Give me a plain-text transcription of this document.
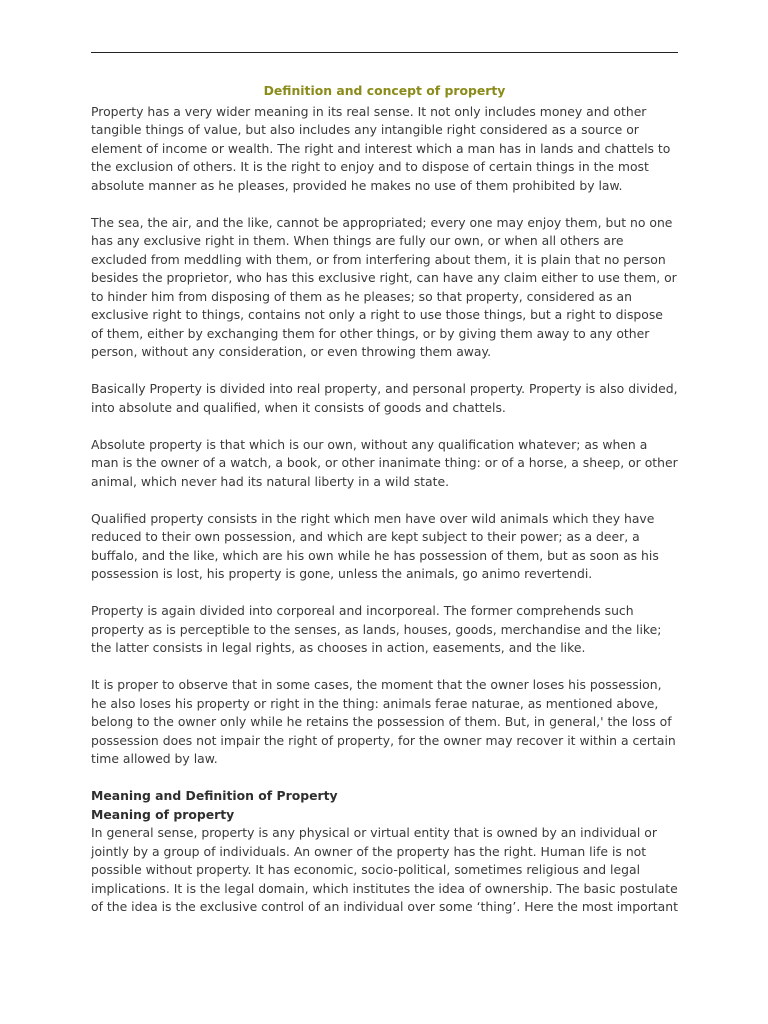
Definition and concept of property

Property has a very wider meaning in its real sense. It not only includes money and other tangible things of value, but also includes any intangible right considered as a source or element of income or wealth. The right and interest which a man has in lands and chattels to the exclusion of others. It is the right to enjoy and to dispose of certain things in the most absolute manner as he pleases, provided he makes no use of them prohibited by law.

The sea, the air, and the like, cannot be appropriated; every one may enjoy them, but no one has any exclusive right in them. When things are fully our own, or when all others are excluded from meddling with them, or from interfering about them, it is plain that no person besides the proprietor, who has this exclusive right, can have any claim either to use them, or to hinder him from disposing of them as he pleases; so that property, considered as an exclusive right to things, contains not only a right to use those things, but a right to dispose of them, either by exchanging them for other things, or by giving them away to any other person, without any consideration, or even throwing them away.

Basically Property is divided into real property, and personal property. Property is also divided, into absolute and qualified, when it consists of goods and chattels.

Absolute property is that which is our own, without any qualification whatever; as when a man is the owner of a watch, a book, or other inanimate thing: or of a horse, a sheep, or other animal, which never had its natural liberty in a wild state.

Qualified property consists in the right which men have over wild animals which they have reduced to their own possession, and which are kept subject to their power; as a deer, a buffalo, and the like, which are his own while he has possession of them, but as soon as his possession is lost, his property is gone, unless the animals, go animo revertendi.

Property is again divided into corporeal and incorporeal. The former comprehends such property as is perceptible to the senses, as lands, houses, goods, merchandise and the like; the latter consists in legal rights, as chooses in action, easements, and the like.

It is proper to observe that in some cases, the moment that the owner loses his possession, he also loses his property or right in the thing: animals ferae naturae, as mentioned above, belong to the owner only while he retains the possession of them. But, in general,' the loss of possession does not impair the right of property, for the owner may recover it within a certain time allowed by law.

Meaning and Definition of Property

Meaning of property

In general sense, property is any physical or virtual entity that is owned by an individual or jointly by a group of individuals. An owner of the property has the right. Human life is not possible without property. It has economic, socio-political, sometimes religious and legal implications. It is the legal domain, which institutes the idea of ownership. The basic postulate of the idea is the exclusive control of an individual over some ‘thing’. Here the most important
